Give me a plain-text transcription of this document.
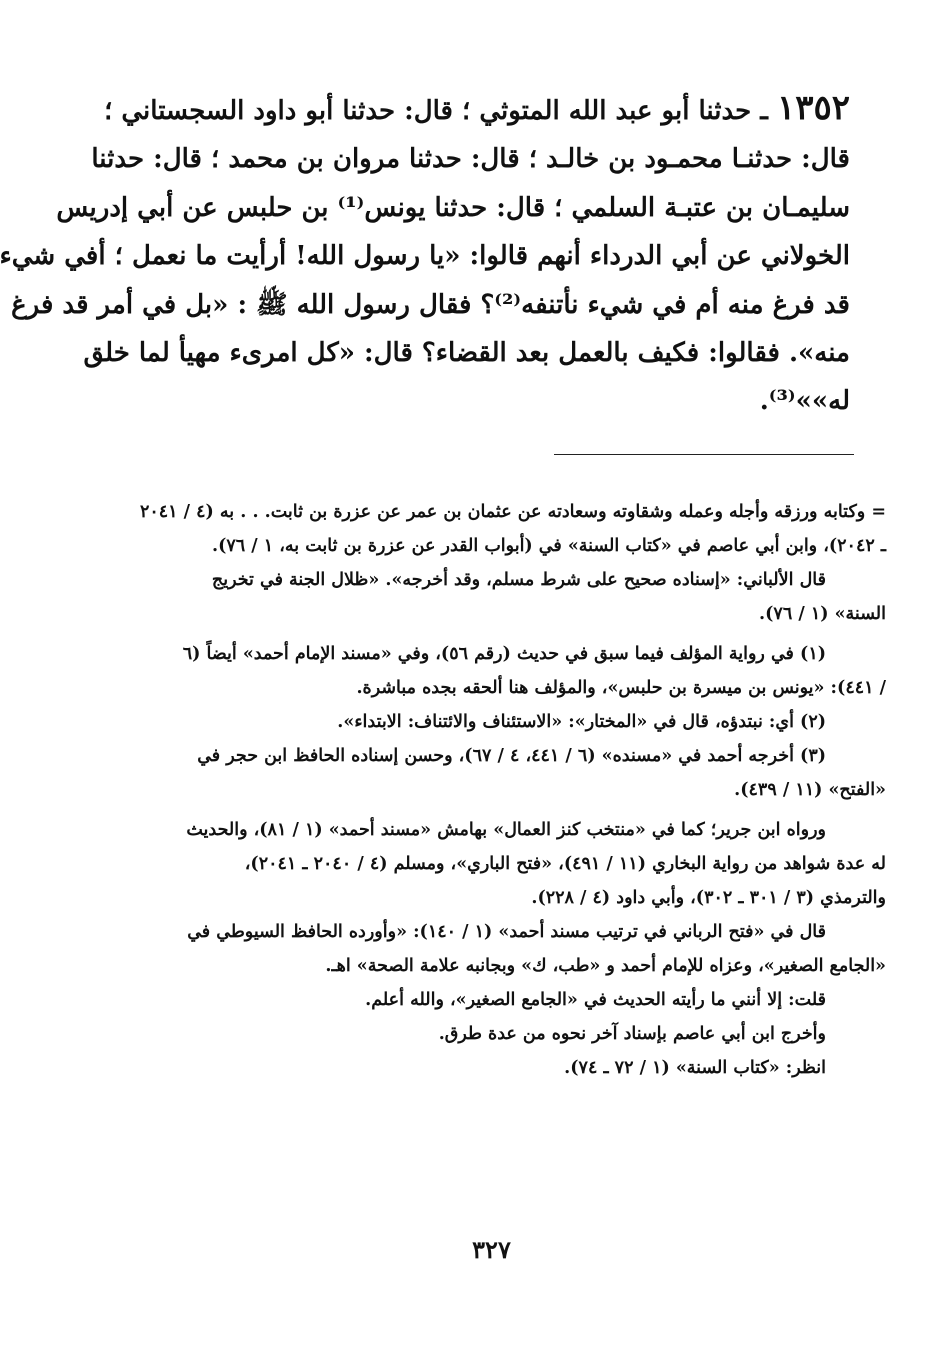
١٣٥٢ ـ حدثنا أبو عبد الله المتوثي ؛ قال: حدثنا أبو داود السجستاني ؛
قال: حدثنـا محمـود بن خالـد ؛ قال: حدثنا مروان بن محمد ؛ قال: حدثنا
سليمـان بن عتبـة السلمي ؛ قال: حدثنا يونس⁽¹⁾ بن حلبس عن أبي إدريس
الخولاني عن أبي الدرداء أنهم قالوا: «يا رسول الله! أرأيت ما نعمل ؛ أفي شيء
قد فرغ منه أم في شيء نأتنفه⁽²⁾؟ فقال رسول الله ﷺ : «بل في أمر قد فرغ
منه». فقالوا: فكيف بالعمل بعد القضاء؟ قال: «كل امرىء مهيأ لما خلق
له»»⁽³⁾.
= وكتابه ورزقه وأجله وعمله وشقاوته وسعادته عن عثمان بن عمر عن عزرة بن ثابت. . . به (٤ / ٢٠٤١
ـ ٢٠٤٢)، وابن أبي عاصم في «كتاب السنة» في (أبواب القدر عن عزرة بن ثابت به، ١ / ٧٦).
قال الألباني: «إسناده صحيح على شرط مسلم، وقد أخرجه». «ظلال الجنة في تخريج
السنة» (١ / ٧٦).
(١) في رواية المؤلف فيما سبق في حديث (رقم ٥٦)، وفي «مسند الإمام أحمد» أيضاً (٦
/ ٤٤١): «يونس بن ميسرة بن حلبس»، والمؤلف هنا ألحقه بجده مباشرة.
(٢) أي: نبتدؤه، قال في «المختار»: «الاستئناف والائتناف: الابتداء».
(٣) أخرجه أحمد في «مسنده» (٦ / ٤٤١، ٤ / ٦٧)، وحسن إسناده الحافظ ابن حجر في
«الفتح» (١١ / ٤٣٩).
ورواه ابن جرير؛ كما في «منتخب كنز العمال» بهامش «مسند أحمد» (١ / ٨١)، والحديث
له عدة شواهد من رواية البخاري (١١ / ٤٩١)، «فتح الباري»، ومسلم (٤ / ٢٠٤٠ ـ ٢٠٤١)،
والترمذي (٣ / ٣٠١ ـ ٣٠٢)، وأبي داود (٤ / ٢٢٨).
قال في «فتح الرباني في ترتيب مسند أحمد» (١ / ١٤٠): «وأورده الحافظ السيوطي في
«الجامع الصغير»، وعزاه للإمام أحمد و «طب، ك» وبجانبه علامة الصحة» اهـ.
قلت: إلا أنني ما رأيته الحديث في «الجامع الصغير»، والله أعلم.
وأخرج ابن أبي عاصم بإسناد آخر نحوه من عدة طرق.
انظر: «كتاب السنة» (١ / ٧٢ ـ ٧٤).
٣٢٧
